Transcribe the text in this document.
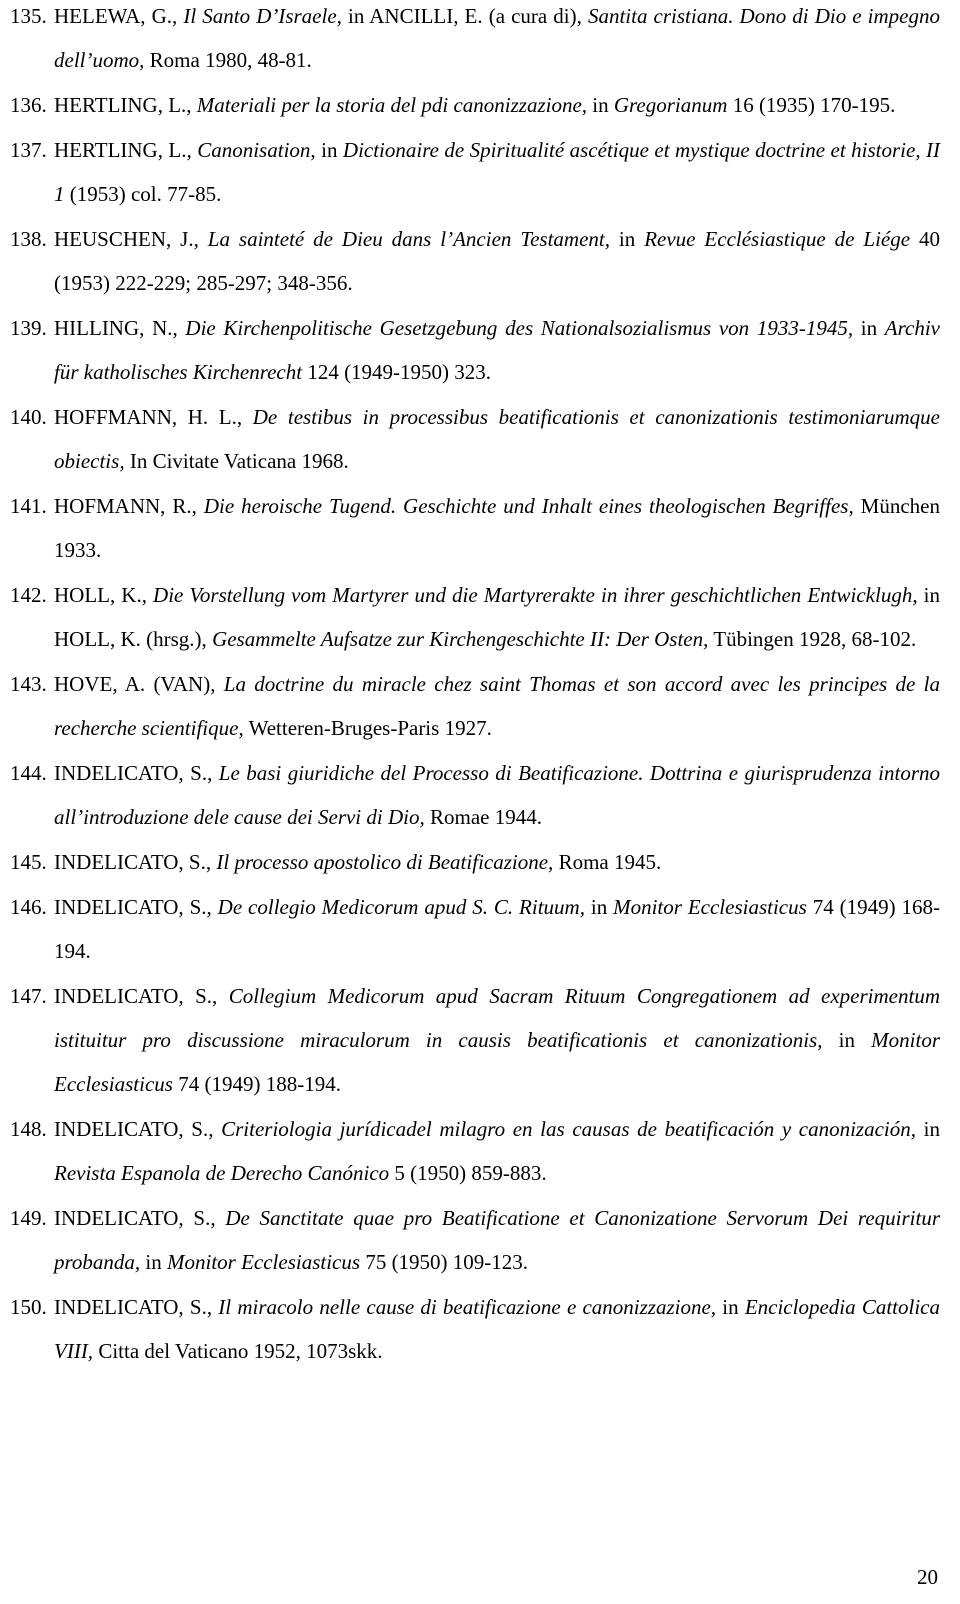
135. HELEWA, G., Il Santo D’Israele, in ANCILLI, E. (a cura di), Santita cristiana. Dono di Dio e impegno dell’uomo, Roma 1980, 48-81.
136. HERTLING, L., Materiali per la storia del pdi canonizzazione, in Gregorianum 16 (1935) 170-195.
137. HERTLING, L., Canonisation, in Dictionaire de Spiritualité ascétique et mystique doctrine et historie, II 1 (1953) col. 77-85.
138. HEUSCHEN, J., La sainteté de Dieu dans l’Ancien Testament, in Revue Ecclésiastique de Liége 40 (1953) 222-229; 285-297; 348-356.
139. HILLING, N., Die Kirchenpolitische Gesetzgebung des Nationalsozialismus von 1933-1945, in Archiv für katholisches Kirchenrecht 124 (1949-1950) 323.
140. HOFFMANN, H. L., De testibus in processibus beatificationis et canonizationis testimoniarumque obiectis, In Civitate Vaticana 1968.
141. HOFMANN, R., Die heroische Tugend. Geschichte und Inhalt eines theologischen Begriffes, München 1933.
142. HOLL, K., Die Vorstellung vom Martyrer und die Martyrerakte in ihrer geschichtlichen Entwicklugh, in HOLL, K. (hrsg.), Gesammelte Aufsatze zur Kirchengeschichte II: Der Osten, Tübingen 1928, 68-102.
143. HOVE, A. (VAN), La doctrine du miracle chez saint Thomas et son accord avec les principes de la recherche scientifique, Wetteren-Bruges-Paris 1927.
144. INDELICATO, S., Le basi giuridiche del Processo di Beatificazione. Dottrina e giurisprudenza intorno all’introduzione dele cause dei Servi di Dio, Romae 1944.
145. INDELICATO, S., Il processo apostolico di Beatificazione, Roma 1945.
146. INDELICATO, S., De collegio Medicorum apud S. C. Rituum, in Monitor Ecclesiasticus 74 (1949) 168-194.
147. INDELICATO, S., Collegium Medicorum apud Sacram Rituum Congregationem ad experimentum istituitur pro discussione miraculorum in causis beatificationis et canonizationis, in Monitor Ecclesiasticus 74 (1949) 188-194.
148. INDELICATO, S., Criteriologia jurídicadel milagro en las causas de beatificación y canonización, in Revista Espanola de Derecho Canónico 5 (1950) 859-883.
149. INDELICATO, S., De Sanctitate quae pro Beatificatione et Canonizatione Servorum Dei requiritur probanda, in Monitor Ecclesiasticus 75 (1950) 109-123.
150. INDELICATO, S., Il miracolo nelle cause di beatificazione e canonizzazione, in Enciclopedia Cattolica VIII, Citta del Vaticano 1952, 1073skk.
20
